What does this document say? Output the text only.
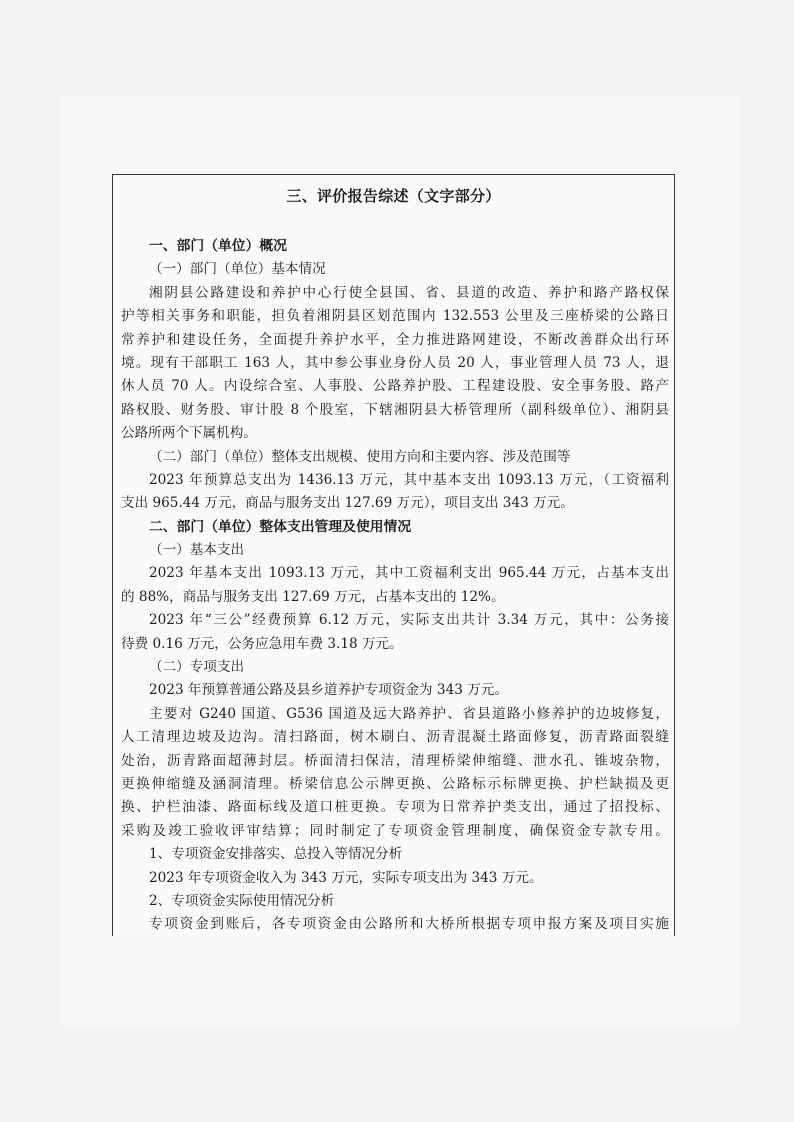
三、评价报告综述（文字部分）
一、部门（单位）概况
（一）部门（单位）基本情况
湘阴县公路建设和养护中心行使全县国、省、县道的改造、养护和路产路权保
护等相关事务和职能，担负着湘阴县区划范围内 132.553 公里及三座桥梁的公路日
常养护和建设任务，全面提升养护水平，全力推进路网建设，不断改善群众出行环
境。现有干部职工 163 人，其中参公事业身份人员 20 人，事业管理人员 73 人，退
休人员 70 人。内设综合室、人事股、公路养护股、工程建设股、安全事务股、路产
路权股、财务股、审计股 8 个股室，下辖湘阴县大桥管理所（副科级单位）、湘阴县
公路所两个下属机构。
（二）部门（单位）整体支出规模、使用方向和主要内容、涉及范围等
2023 年预算总支出为 1436.13 万元，其中基本支出 1093.13 万元，（工资福利
支出 965.44 万元，商品与服务支出 127.69 万元），项目支出 343 万元。
二、部门（单位）整体支出管理及使用情况
（一）基本支出
2023 年基本支出 1093.13 万元，其中工资福利支出 965.44 万元，占基本支出
的 88%，商品与服务支出 127.69 万元，占基本支出的 12%。
2023 年“三公”经费预算 6.12 万元，实际支出共计 3.34 万元，其中：公务接
待费 0.16 万元，公务应急用车费 3.18 万元。
（二）专项支出
2023 年预算普通公路及县乡道养护专项资金为 343 万元。
主要对 G240 国道、G536 国道及远大路养护、省县道路小修养护的边坡修复，
人工清理边坡及边沟。清扫路面，树木刷白、沥青混凝土路面修复，沥青路面裂缝
处治，沥青路面超薄封层。桥面清扫保洁，清理桥梁伸缩缝、泄水孔、锥坡杂物，
更换伸缩缝及涵洞清理。桥梁信息公示牌更换、公路标示标牌更换、护栏缺损及更
换、护栏油漆、路面标线及道口桩更换。专项为日常养护类支出，通过了招投标、
采购及竣工验收评审结算；同时制定了专项资金管理制度，确保资金专款专用。
1、专项资金安排落实、总投入等情况分析
2023 年专项资金收入为 343 万元，实际专项支出为 343 万元。
2、专项资金实际使用情况分析
专项资金到账后，各专项资金由公路所和大桥所根据专项申报方案及项目实施
